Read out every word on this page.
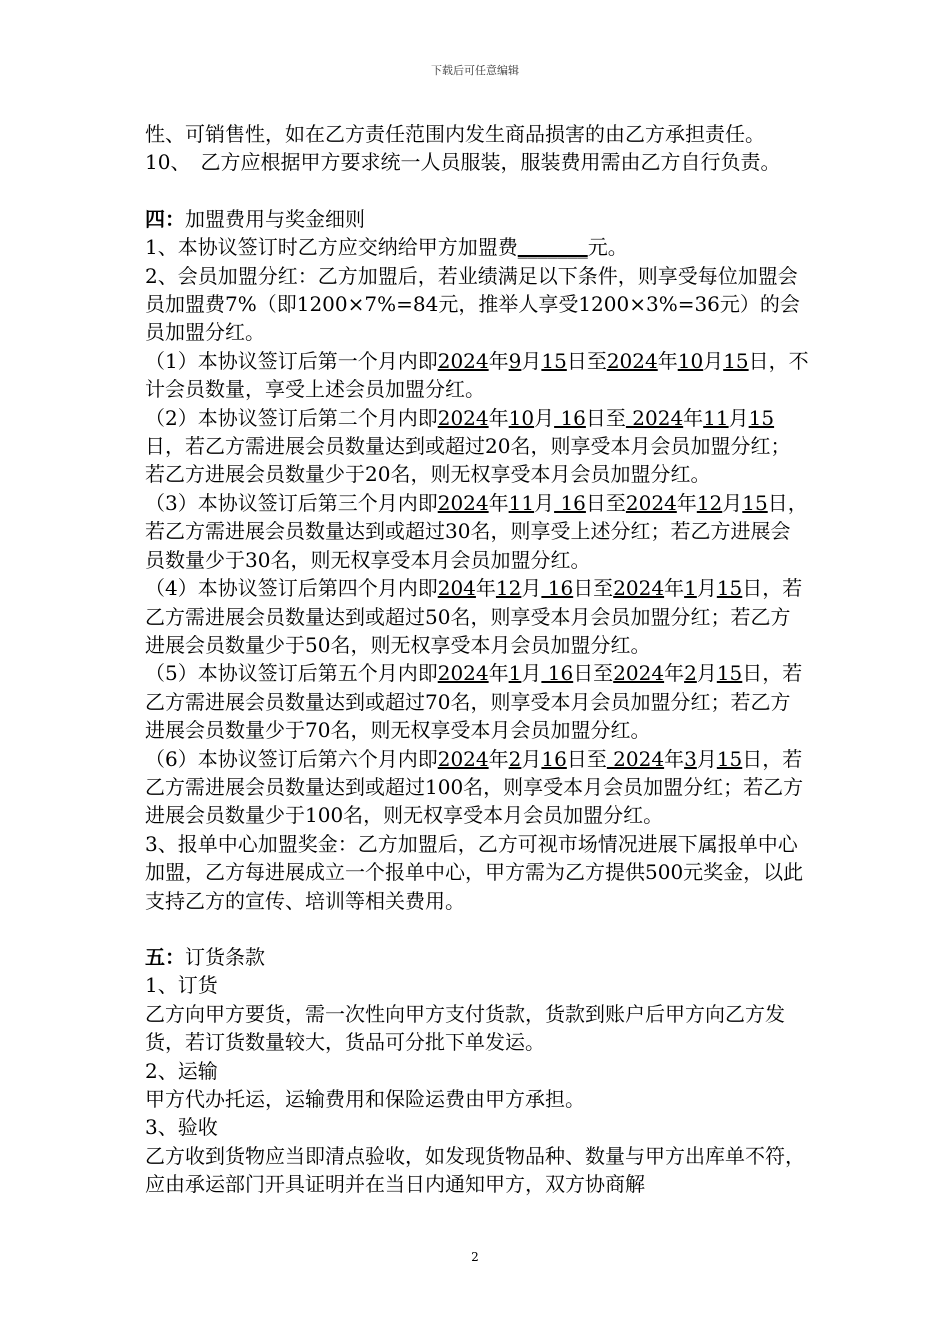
下载后可任意编辑

性、可销售性，如在乙方责任范围内发生商品损害的由乙方承担责任。

10、　乙方应根据甲方要求统一人员服装，服装费用需由乙方自行负责。

四：加盟费用与奖金细则

1、本协议签订时乙方应交纳给甲方加盟费_______元。

2、会员加盟分红：乙方加盟后，若业绩满足以下条件，则享受每位加盟会员加盟费7%（即1200×7%=84元，推举人享受1200×3%=36元）的会员加盟分红。

（1）本协议签订后第一个月内即2024年9月15日至2024年10月15日，不计会员数量，享受上述会员加盟分红。

（2）本协议签订后第二个月内即2024年10月 16日至 2024年11月15日，若乙方需进展会员数量达到或超过20名，则享受本月会员加盟分红；若乙方进展会员数量少于20名，则无权享受本月会员加盟分红。

（3）本协议签订后第三个月内即2024年11月 16日至2024年12月15日，若乙方需进展会员数量达到或超过30名，则享受上述分红；若乙方进展会员数量少于30名，则无权享受本月会员加盟分红。

（4）本协议签订后第四个月内即204年12月 16日至2024年1月15日，若乙方需进展会员数量达到或超过50名，则享受本月会员加盟分红；若乙方进展会员数量少于50名，则无权享受本月会员加盟分红。

（5）本协议签订后第五个月内即2024年1月 16日至2024年2月15日，若乙方需进展会员数量达到或超过70名，则享受本月会员加盟分红；若乙方进展会员数量少于70名，则无权享受本月会员加盟分红。

（6）本协议签订后第六个月内即2024年2月16日至 2024年3月15日，若乙方需进展会员数量达到或超过100名，则享受本月会员加盟分红；若乙方进展会员数量少于100名，则无权享受本月会员加盟分红。

3、报单中心加盟奖金：乙方加盟后，乙方可视市场情况进展下属报单中心加盟，乙方每进展成立一个报单中心，甲方需为乙方提供500元奖金，以此支持乙方的宣传、培训等相关费用。

五：订货条款

1、订货

乙方向甲方要货，需一次性向甲方支付货款，货款到账户后甲方向乙方发货，若订货数量较大，货品可分批下单发运。

2、运输

甲方代办托运，运输费用和保险运费由甲方承担。

3、验收

乙方收到货物应当即清点验收，如发现货物品种、数量与甲方出库单不符，应由承运部门开具证明并在当日内通知甲方，双方协商解

2
